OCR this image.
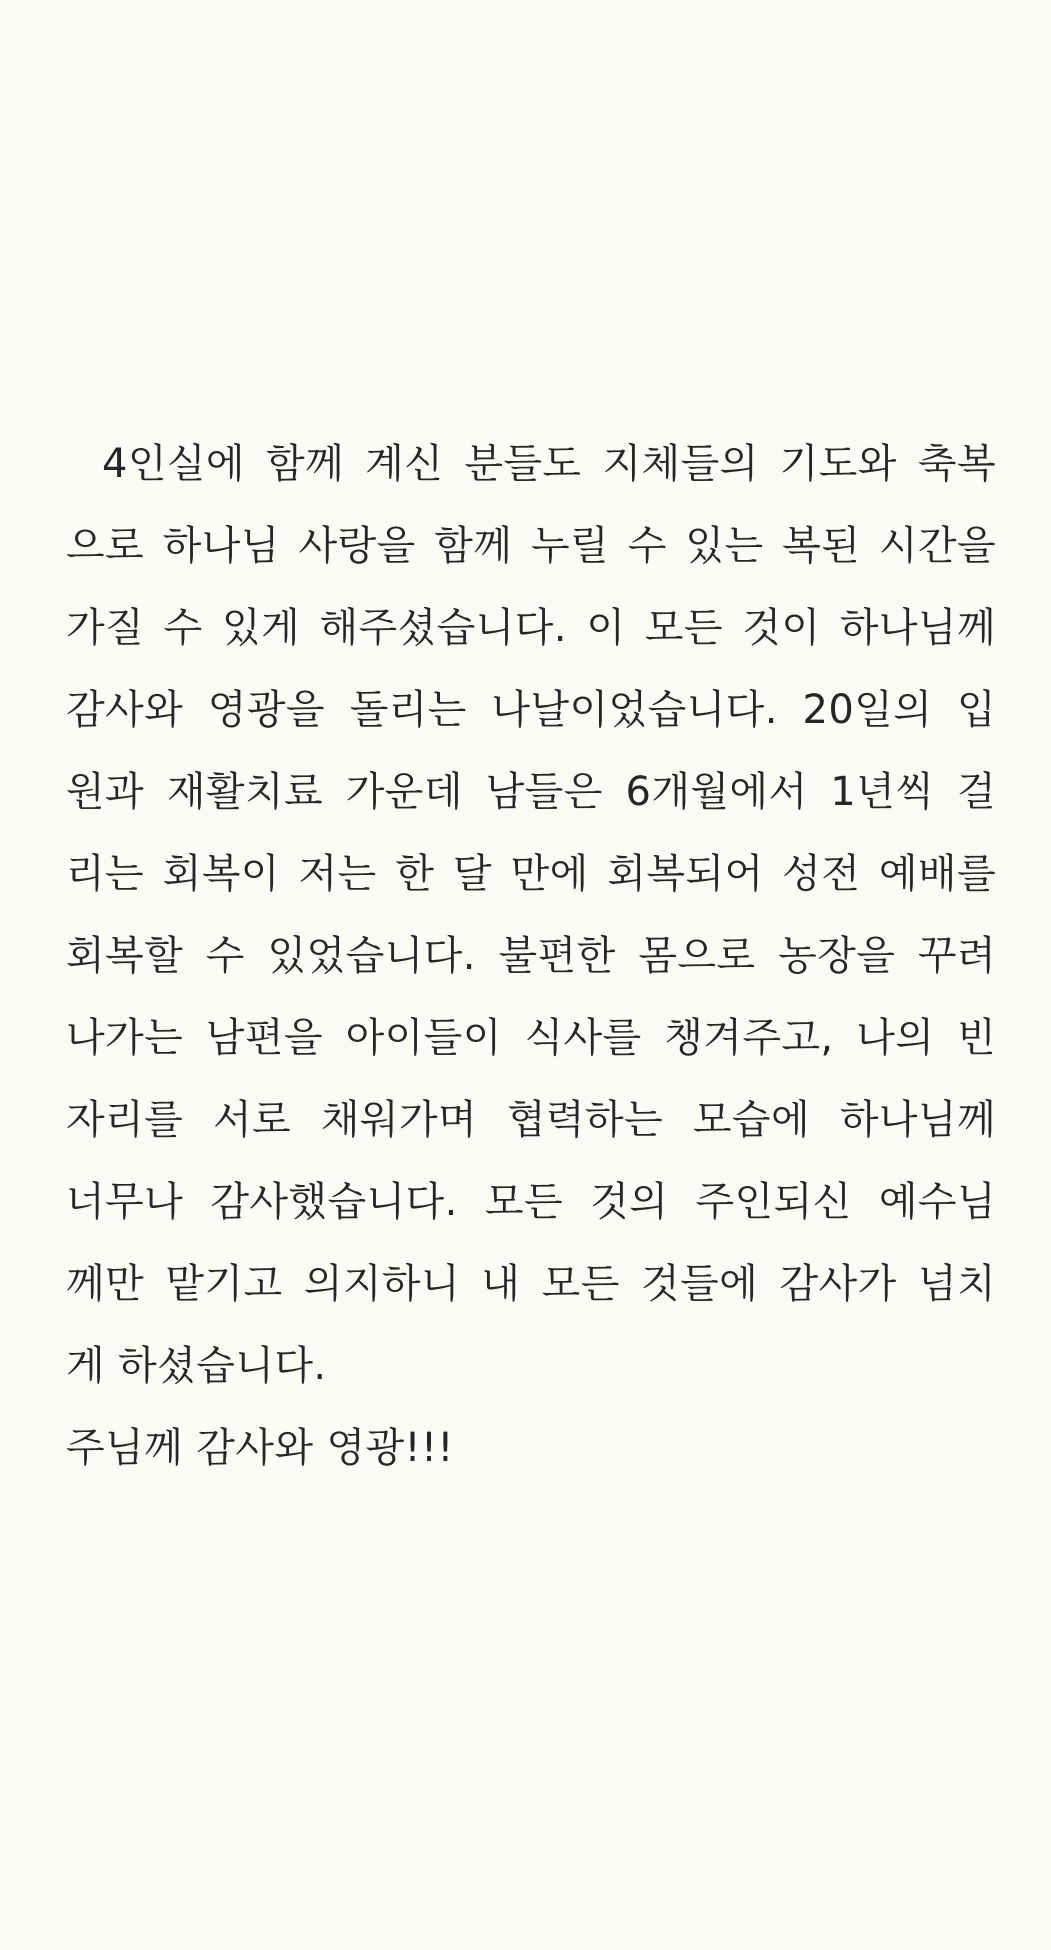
4인실에 함께 계신 분들도 지체들의 기도와 축복
으로 하나님 사랑을 함께 누릴 수 있는 복된 시간을
가질 수 있게 해주셨습니다. 이 모든 것이 하나님께
감사와 영광을 돌리는 나날이었습니다. 20일의 입
원과 재활치료 가운데 남들은 6개월에서 1년씩 걸
리는 회복이 저는 한 달 만에 회복되어 성전 예배를
회복할 수 있었습니다. 불편한 몸으로 농장을 꾸려
나가는 남편을 아이들이 식사를 챙겨주고, 나의 빈
자리를 서로 채워가며 협력하는 모습에 하나님께
너무나 감사했습니다. 모든 것의 주인되신 예수님
께만 맡기고 의지하니 내 모든 것들에 감사가 넘치
게 하셨습니다.
주님께 감사와 영광!!!
